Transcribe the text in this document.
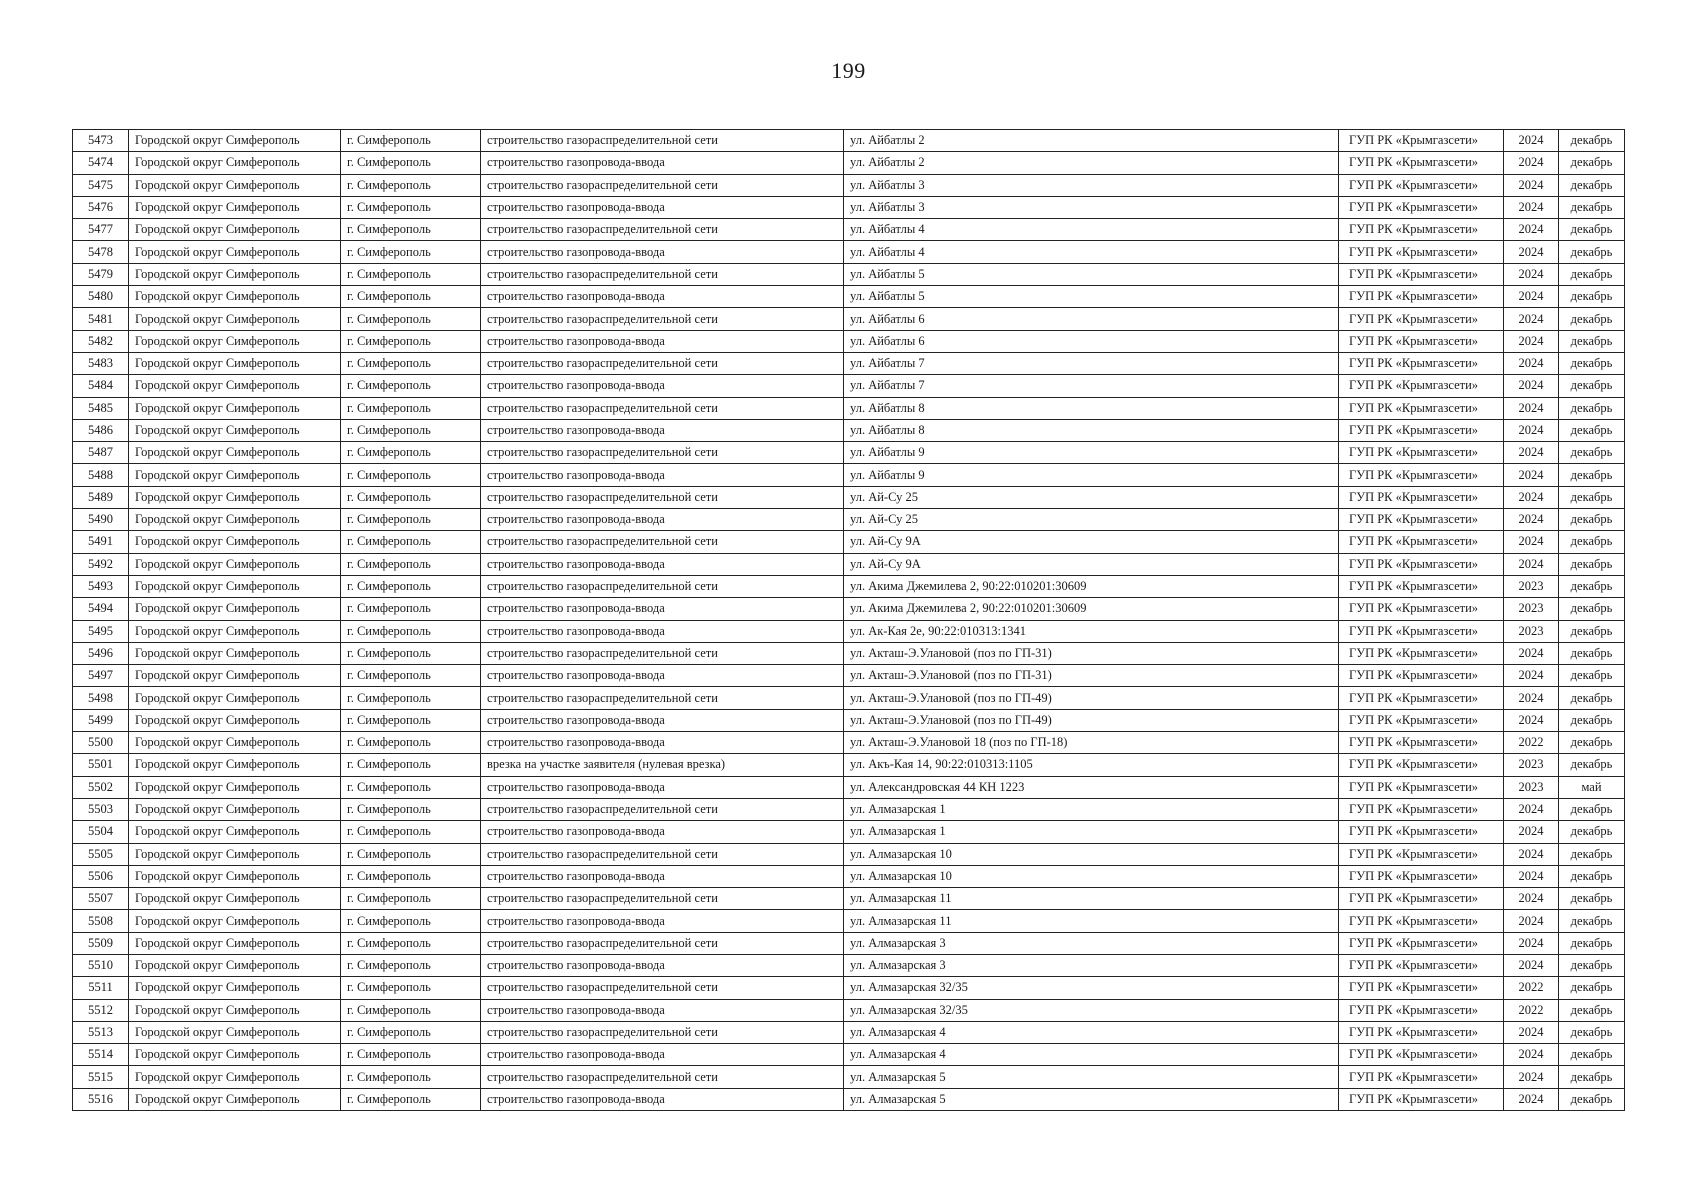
199
5473	Городской округ Симферополь	г. Симферополь	строительство газораспределительной сети	ул. Айбатлы 2	ГУП РК «Крымгазсети»	2024	декабрь
5474	Городской округ Симферополь	г. Симферополь	строительство газопровода-ввода	ул. Айбатлы 2	ГУП РК «Крымгазсети»	2024	декабрь
5475	Городской округ Симферополь	г. Симферополь	строительство газораспределительной сети	ул. Айбатлы 3	ГУП РК «Крымгазсети»	2024	декабрь
5476	Городской округ Симферополь	г. Симферополь	строительство газопровода-ввода	ул. Айбатлы 3	ГУП РК «Крымгазсети»	2024	декабрь
5477	Городской округ Симферополь	г. Симферополь	строительство газораспределительной сети	ул. Айбатлы 4	ГУП РК «Крымгазсети»	2024	декабрь
5478	Городской округ Симферополь	г. Симферополь	строительство газопровода-ввода	ул. Айбатлы 4	ГУП РК «Крымгазсети»	2024	декабрь
5479	Городской округ Симферополь	г. Симферополь	строительство газораспределительной сети	ул. Айбатлы 5	ГУП РК «Крымгазсети»	2024	декабрь
5480	Городской округ Симферополь	г. Симферополь	строительство газопровода-ввода	ул. Айбатлы 5	ГУП РК «Крымгазсети»	2024	декабрь
5481	Городской округ Симферополь	г. Симферополь	строительство газораспределительной сети	ул. Айбатлы 6	ГУП РК «Крымгазсети»	2024	декабрь
5482	Городской округ Симферополь	г. Симферополь	строительство газопровода-ввода	ул. Айбатлы 6	ГУП РК «Крымгазсети»	2024	декабрь
5483	Городской округ Симферополь	г. Симферополь	строительство газораспределительной сети	ул. Айбатлы 7	ГУП РК «Крымгазсети»	2024	декабрь
5484	Городской округ Симферополь	г. Симферополь	строительство газопровода-ввода	ул. Айбатлы 7	ГУП РК «Крымгазсети»	2024	декабрь
5485	Городской округ Симферополь	г. Симферополь	строительство газораспределительной сети	ул. Айбатлы 8	ГУП РК «Крымгазсети»	2024	декабрь
5486	Городской округ Симферополь	г. Симферополь	строительство газопровода-ввода	ул. Айбатлы 8	ГУП РК «Крымгазсети»	2024	декабрь
5487	Городской округ Симферополь	г. Симферополь	строительство газораспределительной сети	ул. Айбатлы 9	ГУП РК «Крымгазсети»	2024	декабрь
5488	Городской округ Симферополь	г. Симферополь	строительство газопровода-ввода	ул. Айбатлы 9	ГУП РК «Крымгазсети»	2024	декабрь
5489	Городской округ Симферополь	г. Симферополь	строительство газораспределительной сети	ул. Ай-Су 25	ГУП РК «Крымгазсети»	2024	декабрь
5490	Городской округ Симферополь	г. Симферополь	строительство газопровода-ввода	ул. Ай-Су 25	ГУП РК «Крымгазсети»	2024	декабрь
5491	Городской округ Симферополь	г. Симферополь	строительство газораспределительной сети	ул. Ай-Су 9А	ГУП РК «Крымгазсети»	2024	декабрь
5492	Городской округ Симферополь	г. Симферополь	строительство газопровода-ввода	ул. Ай-Су 9А	ГУП РК «Крымгазсети»	2024	декабрь
5493	Городской округ Симферополь	г. Симферополь	строительство газораспределительной сети	ул. Акима Джемилева 2, 90:22:010201:30609	ГУП РК «Крымгазсети»	2023	декабрь
5494	Городской округ Симферополь	г. Симферополь	строительство газопровода-ввода	ул. Акима Джемилева 2, 90:22:010201:30609	ГУП РК «Крымгазсети»	2023	декабрь
5495	Городской округ Симферополь	г. Симферополь	строительство газопровода-ввода	ул. Ак-Кая 2е, 90:22:010313:1341	ГУП РК «Крымгазсети»	2023	декабрь
5496	Городской округ Симферополь	г. Симферополь	строительство газораспределительной сети	ул. Акташ-Э.Улановой (поз по ГП-31)	ГУП РК «Крымгазсети»	2024	декабрь
5497	Городской округ Симферополь	г. Симферополь	строительство газопровода-ввода	ул. Акташ-Э.Улановой (поз по ГП-31)	ГУП РК «Крымгазсети»	2024	декабрь
5498	Городской округ Симферополь	г. Симферополь	строительство газораспределительной сети	ул. Акташ-Э.Улановой (поз по ГП-49)	ГУП РК «Крымгазсети»	2024	декабрь
5499	Городской округ Симферополь	г. Симферополь	строительство газопровода-ввода	ул. Акташ-Э.Улановой (поз по ГП-49)	ГУП РК «Крымгазсети»	2024	декабрь
5500	Городской округ Симферополь	г. Симферополь	строительство газопровода-ввода	ул. Акташ-Э.Улановой 18 (поз по ГП-18)	ГУП РК «Крымгазсети»	2022	декабрь
5501	Городской округ Симферополь	г. Симферополь	врезка на участке заявителя (нулевая врезка)	ул. Акъ-Кая 14, 90:22:010313:1105	ГУП РК «Крымгазсети»	2023	декабрь
5502	Городской округ Симферополь	г. Симферополь	строительство газопровода-ввода	ул. Александровская 44 КН 1223	ГУП РК «Крымгазсети»	2023	май
5503	Городской округ Симферополь	г. Симферополь	строительство газораспределительной сети	ул. Алмазарская 1	ГУП РК «Крымгазсети»	2024	декабрь
5504	Городской округ Симферополь	г. Симферополь	строительство газопровода-ввода	ул. Алмазарская 1	ГУП РК «Крымгазсети»	2024	декабрь
5505	Городской округ Симферополь	г. Симферополь	строительство газораспределительной сети	ул. Алмазарская 10	ГУП РК «Крымгазсети»	2024	декабрь
5506	Городской округ Симферополь	г. Симферополь	строительство газопровода-ввода	ул. Алмазарская 10	ГУП РК «Крымгазсети»	2024	декабрь
5507	Городской округ Симферополь	г. Симферополь	строительство газораспределительной сети	ул. Алмазарская 11	ГУП РК «Крымгазсети»	2024	декабрь
5508	Городской округ Симферополь	г. Симферополь	строительство газопровода-ввода	ул. Алмазарская 11	ГУП РК «Крымгазсети»	2024	декабрь
5509	Городской округ Симферополь	г. Симферополь	строительство газораспределительной сети	ул. Алмазарская 3	ГУП РК «Крымгазсети»	2024	декабрь
5510	Городской округ Симферополь	г. Симферополь	строительство газопровода-ввода	ул. Алмазарская 3	ГУП РК «Крымгазсети»	2024	декабрь
5511	Городской округ Симферополь	г. Симферополь	строительство газораспределительной сети	ул. Алмазарская 32/35	ГУП РК «Крымгазсети»	2022	декабрь
5512	Городской округ Симферополь	г. Симферополь	строительство газопровода-ввода	ул. Алмазарская 32/35	ГУП РК «Крымгазсети»	2022	декабрь
5513	Городской округ Симферополь	г. Симферополь	строительство газораспределительной сети	ул. Алмазарская 4	ГУП РК «Крымгазсети»	2024	декабрь
5514	Городской округ Симферополь	г. Симферополь	строительство газопровода-ввода	ул. Алмазарская 4	ГУП РК «Крымгазсети»	2024	декабрь
5515	Городской округ Симферополь	г. Симферополь	строительство газораспределительной сети	ул. Алмазарская 5	ГУП РК «Крымгазсети»	2024	декабрь
5516	Городской округ Симферополь	г. Симферополь	строительство газопровода-ввода	ул. Алмазарская 5	ГУП РК «Крымгазсети»	2024	декабрь
